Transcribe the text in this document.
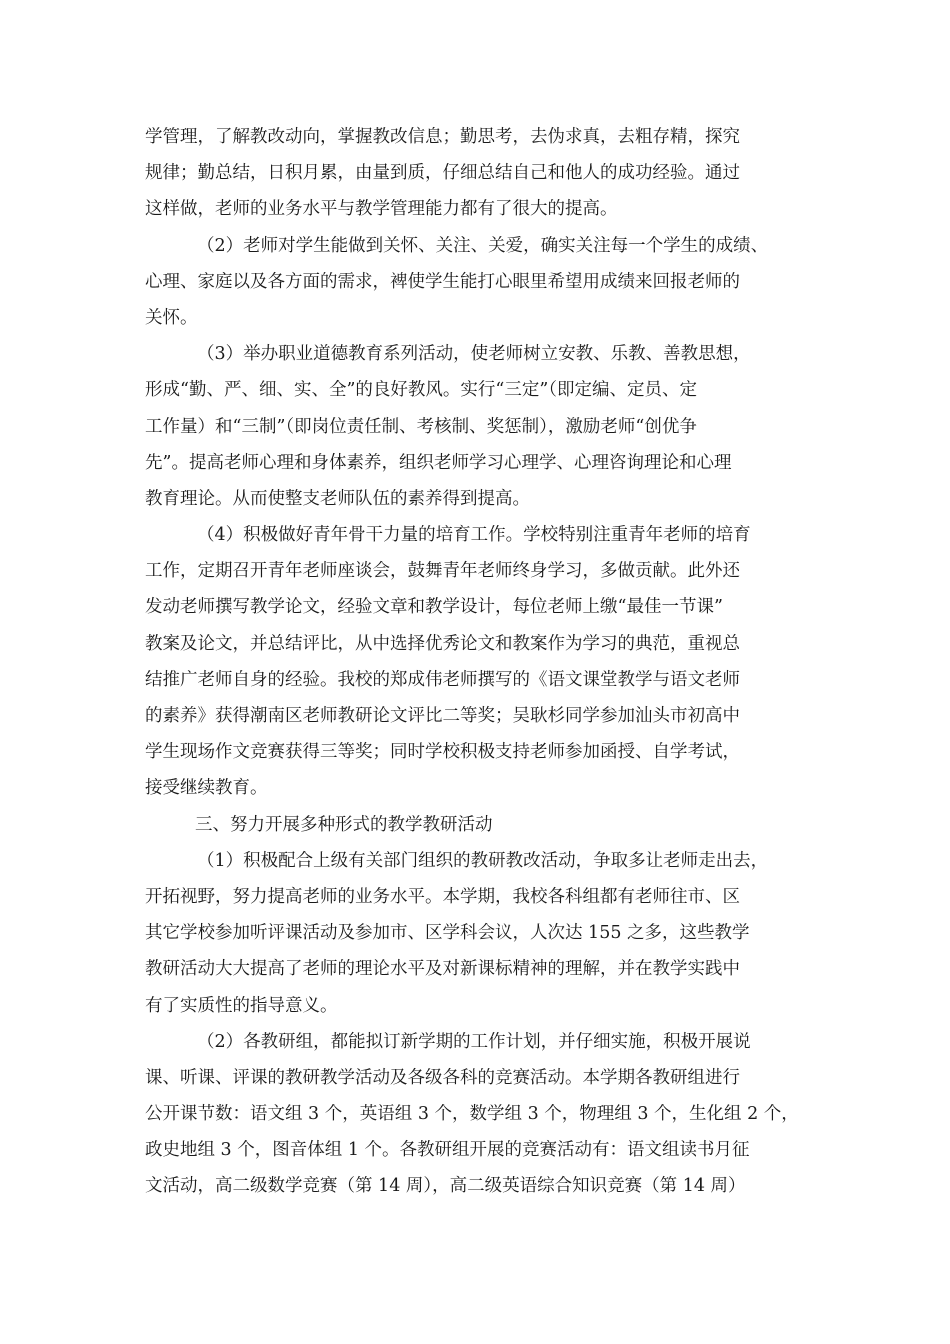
学管理，了解教改动向，掌握教改信息；勤思考，去伪求真，去粗存精，探究
规律；勤总结，日积月累，由量到质，仔细总结自己和他人的成功经验。通过
这样做，老师的业务水平与教学管理能力都有了很大的提高。
（2）老师对学生能做到关怀、关注、关爱，确实关注每一个学生的成绩、
心理、家庭以及各方面的需求，裨使学生能打心眼里希望用成绩来回报老师的
关怀。
（3）举办职业道德教育系列活动，使老师树立安教、乐教、善教思想，
形成“勤、严、细、实、全”的良好教风。实行“三定”（即定编、定员、定
工作量）和“三制”（即岗位责任制、考核制、奖惩制），激励老师“创优争
先”。提高老师心理和身体素养，组织老师学习心理学、心理咨询理论和心理
教育理论。从而使整支老师队伍的素养得到提高。
（4）积极做好青年骨干力量的培育工作。学校特别注重青年老师的培育
工作，定期召开青年老师座谈会，鼓舞青年老师终身学习，多做贡献。此外还
发动老师撰写教学论文，经验文章和教学设计，每位老师上缴“最佳一节课”
教案及论文，并总结评比，从中选择优秀论文和教案作为学习的典范，重视总
结推广老师自身的经验。我校的郑成伟老师撰写的《语文课堂教学与语文老师
的素养》获得潮南区老师教研论文评比二等奖；吴耿杉同学参加汕头市初高中
学生现场作文竞赛获得三等奖；同时学校积极支持老师参加函授、自学考试，
接受继续教育。
三、努力开展多种形式的教学教研活动
（1）积极配合上级有关部门组织的教研教改活动，争取多让老师走出去，
开拓视野，努力提高老师的业务水平。本学期，我校各科组都有老师往市、区
其它学校参加听评课活动及参加市、区学科会议，人次达 155 之多，这些教学
教研活动大大提高了老师的理论水平及对新课标精神的理解，并在教学实践中
有了实质性的指导意义。
（2）各教研组，都能拟订新学期的工作计划，并仔细实施，积极开展说
课、听课、评课的教研教学活动及各级各科的竞赛活动。本学期各教研组进行
公开课节数：语文组 3 个，英语组 3 个，数学组 3 个，物理组 3 个，生化组 2 个，
政史地组 3 个，图音体组 1 个。各教研组开展的竞赛活动有：语文组读书月征
文活动，高二级数学竞赛（第 14 周），高二级英语综合知识竞赛（第 14 周）
